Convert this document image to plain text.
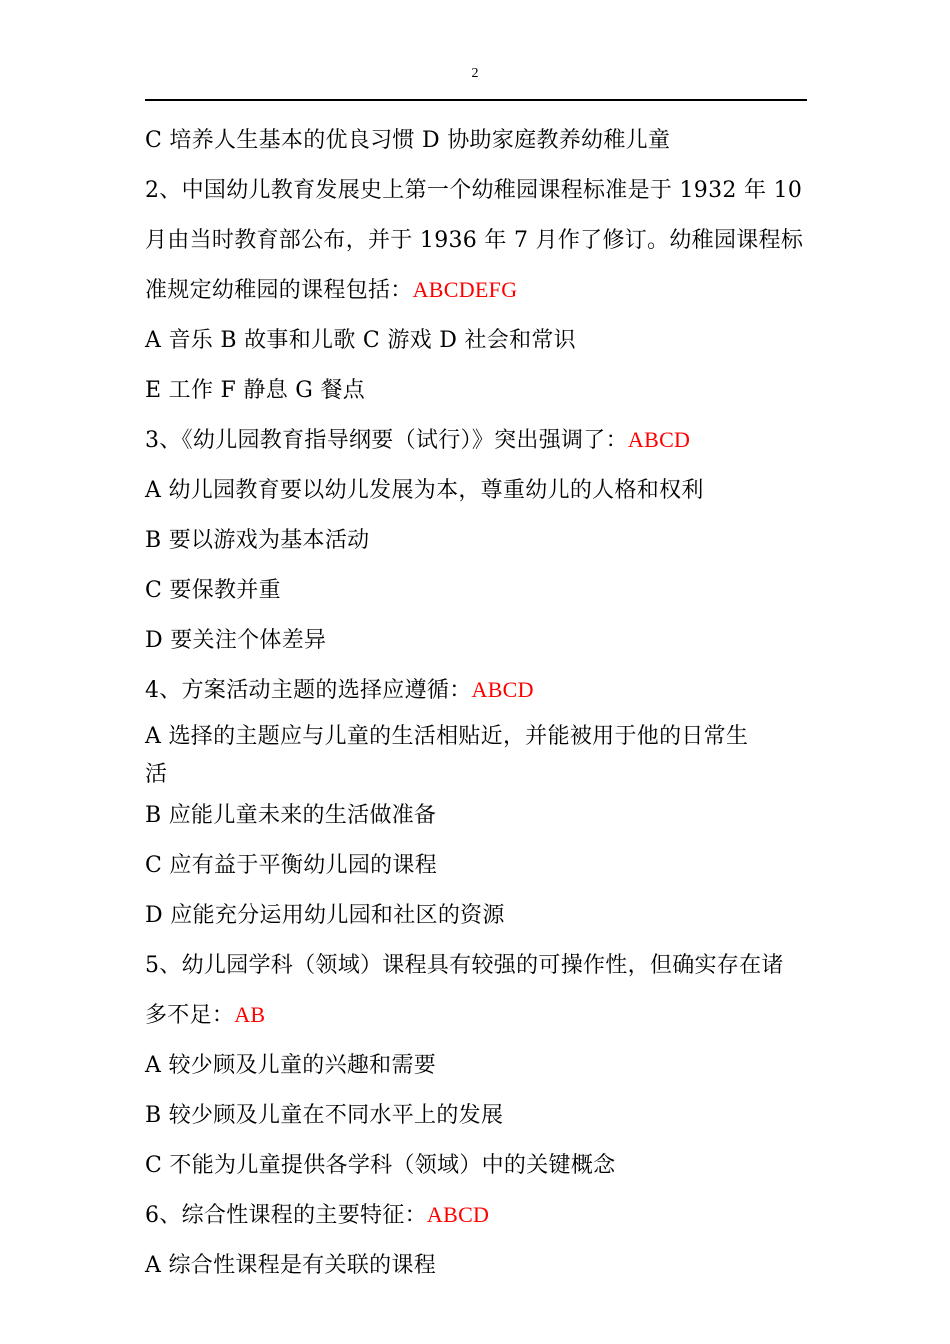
2
C 培养人生基本的优良习惯 D 协助家庭教养幼稚儿童
2、中国幼儿教育发展史上第一个幼稚园课程标准是于 1932 年 10
月由当时教育部公布，并于 1936 年 7 月作了修订。幼稚园课程标
准规定幼稚园的课程包括：ABCDEFG
A 音乐 B 故事和儿歌 C 游戏 D 社会和常识
E 工作 F 静息 G 餐点
3、《幼儿园教育指导纲要（试行）》突出强调了：ABCD
A 幼儿园教育要以幼儿发展为本，尊重幼儿的人格和权利
B 要以游戏为基本活动
C 要保教并重
D 要关注个体差异
4、方案活动主题的选择应遵循：ABCD
A 选择的主题应与儿童的生活相贴近，并能被用于他的日常生
活
B 应能儿童未来的生活做准备
C 应有益于平衡幼儿园的课程
D 应能充分运用幼儿园和社区的资源
5、幼儿园学科（领域）课程具有较强的可操作性，但确实存在诸
多不足：AB
A 较少顾及儿童的兴趣和需要
B 较少顾及儿童在不同水平上的发展
C 不能为儿童提供各学科（领域）中的关键概念
6、综合性课程的主要特征：ABCD
A 综合性课程是有关联的课程
